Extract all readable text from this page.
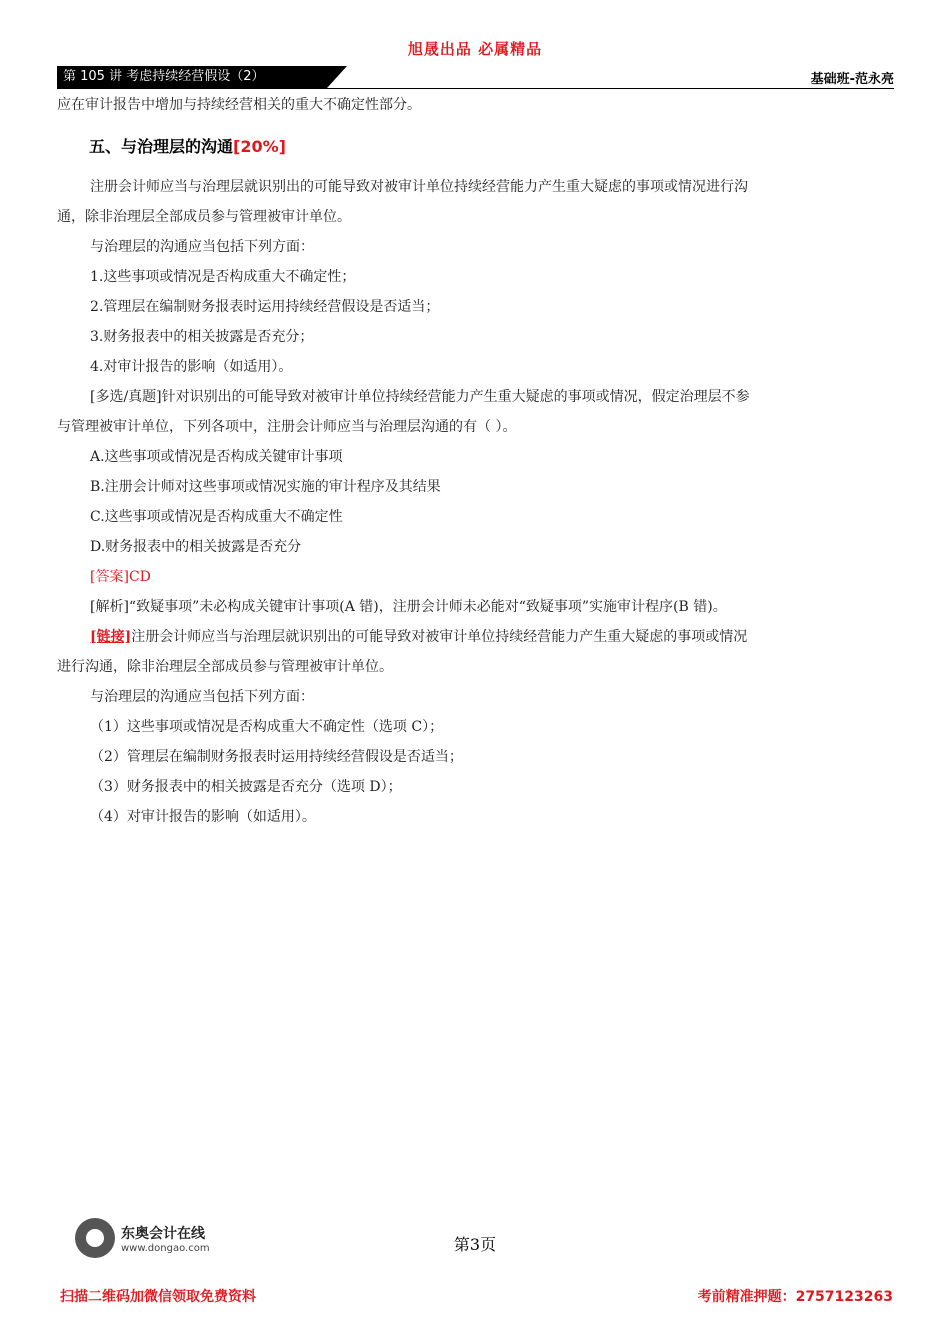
旭晟出品 必属精品
第 105 讲 考虑持续经营假设（2）	基础班-范永亮
应在审计报告中增加与持续经营相关的重大不确定性部分。
五、与治理层的沟通[20%]
注册会计师应当与治理层就识别出的可能导致对被审计单位持续经营能力产生重大疑虑的事项或情况进行沟
通，除非治理层全部成员参与管理被审计单位。
与治理层的沟通应当包括下列方面：
1.这些事项或情况是否构成重大不确定性；
2.管理层在编制财务报表时运用持续经营假设是否适当；
3.财务报表中的相关披露是否充分；
4.对审计报告的影响（如适用）。
[多选/真题]针对识别出的可能导致对被审计单位持续经营能力产生重大疑虑的事项或情况，假定治理层不参
与管理被审计单位，下列各项中，注册会计师应当与治理层沟通的有（ ）。
A.这些事项或情况是否构成关键审计事项
B.注册会计师对这些事项或情况实施的审计程序及其结果
C.这些事项或情况是否构成重大不确定性
D.财务报表中的相关披露是否充分
[答案]CD
[解析]“致疑事项”未必构成关键审计事项(A 错)，注册会计师未必能对“致疑事项”实施审计程序(B 错)。
[链接]注册会计师应当与治理层就识别出的可能导致对被审计单位持续经营能力产生重大疑虑的事项或情况
进行沟通，除非治理层全部成员参与管理被审计单位。
与治理层的沟通应当包括下列方面：
（1）这些事项或情况是否构成重大不确定性（选项 C）；
（2）管理层在编制财务报表时运用持续经营假设是否适当；
（3）财务报表中的相关披露是否充分（选项 D）；
（4）对审计报告的影响（如适用）。
东奥会计在线
www.dongao.com	第3页
扫描二维码加微信领取免费资料	考前精准押题：2757123263
